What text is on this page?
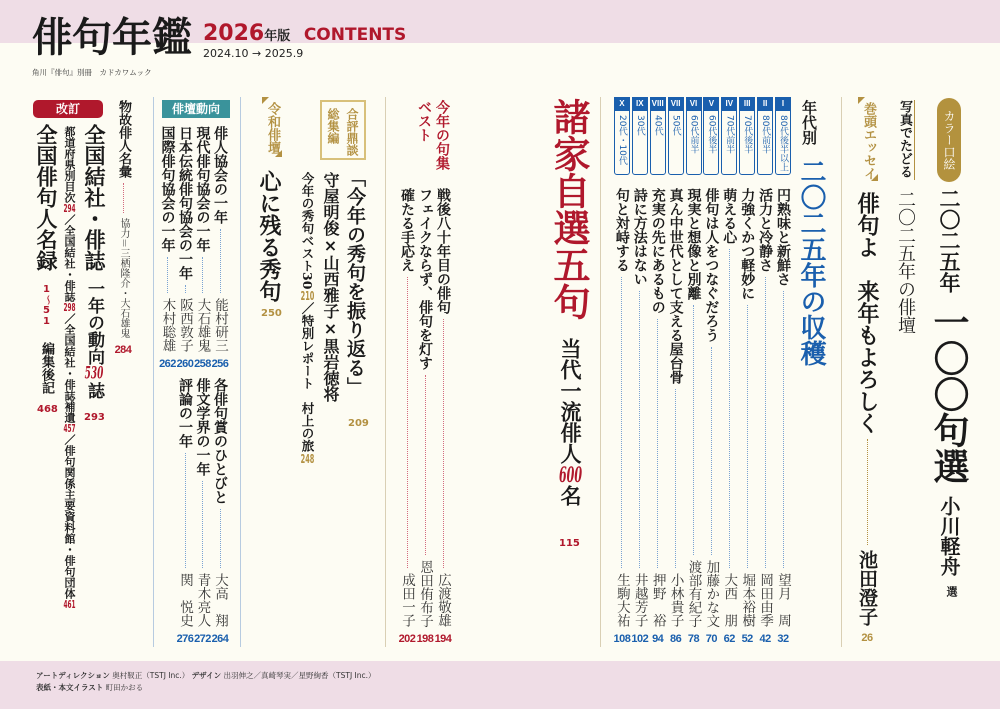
俳句年鑑 2026年版 CONTENTS
2024.10 → 2025.9
角川『俳句』別冊　カドカワムック
カラー口絵
二〇二五年
一〇〇句選
小川軽舟
選
写真でたどる
二〇二五年の俳壇
巻頭エッセイ
俳句よ　来年もよろしく
池田澄子
26
年代別
二〇二五年の収穫
I
80代後半以上
円熟味と新鮮さ
望月　周
32
II
80代前半
活力と冷静さ
岡田由季
42
III
70代後半
力強くかつ軽妙に
堀本裕樹
52
IV
70代前半
萌える心
大西　朋
62
V
60代後半
俳句は人をつなぐだろう
加藤かな文
70
VI
60代前半
現実と想像と別離
渡部有紀子
78
VII
50代
真ん中世代として支える屋台骨
小林貴子
86
VIII
40代
充実の先にあるもの
押野　裕
94
IX
30代
詩に方法はない
井越芳子
102
X
20代・10代
句と対峙する
生駒大祐
108
諸家自選五句
当代一流俳人600名
115
今年の句集
ベスト
戦後八十年目の俳句
広渡敬雄
194
フェイクならず、俳句を灯す
恩田侑布子
198
確たる手応え
成田一子
202
合評鼎談
総集編
「今年の秀句を振り返る」
209
守屋明俊×山西雅子×黒岩徳将
今年の秀句ベスト30210／特別レポート　村上の旅248
令和俳壇
心に残る秀句
250
俳壇動向
俳人協会の一年
能村研三
256
現代俳句協会の一年
大石雄鬼
258
日本伝統俳句協会の一年
阪西敦子
260
国際俳句協会の一年
木村聡雄
262
各俳句賞のひとびと
大高　翔
264
俳文学界の一年
青木亮人
272
評論の一年
関　悦史
276
物故俳人名彙
協力＝三栖隆介・大石雄鬼
284
改訂
全国結社・俳誌
一年の動向530誌
293
都道府県別目次294／全国結社・俳誌298／全国結社・俳誌補遺457／俳句関係主要資料館・俳句団体461
全国俳句人名録
1～51
編集後記
468
アートディレクション 奥村靫正（TSTJ Inc.） デザイン 出羽伸之／真崎琴実／星野絢香（TSTJ Inc.）
表紙・本文イラスト 町田かおる
